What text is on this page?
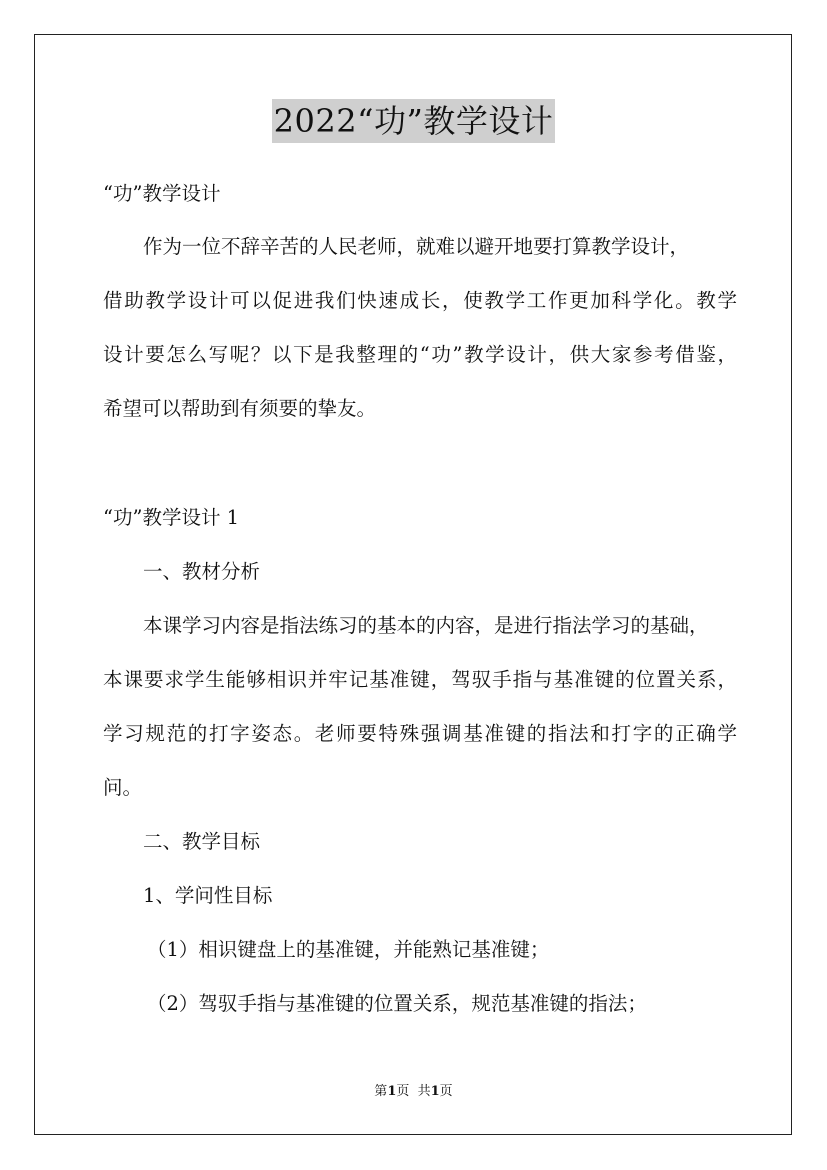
2022“功”教学设计
“功”教学设计
作为一位不辞辛苦的人民老师，就难以避开地要打算教学设计，
借助教学设计可以促进我们快速成长，使教学工作更加科学化。教学
设计要怎么写呢？以下是我整理的“功”教学设计，供大家参考借鉴，
希望可以帮助到有须要的挚友。
“功”教学设计 1
一、教材分析
本课学习内容是指法练习的基本的内容，是进行指法学习的基础，
本课要求学生能够相识并牢记基准键，驾驭手指与基准键的位置关系，
学习规范的打字姿态。老师要特殊强调基准键的指法和打字的正确学
问。
二、教学目标
1、学问性目标
（1）相识键盘上的基准键，并能熟记基准键；
（2）驾驭手指与基准键的位置关系，规范基准键的指法；
第1页  共1页
